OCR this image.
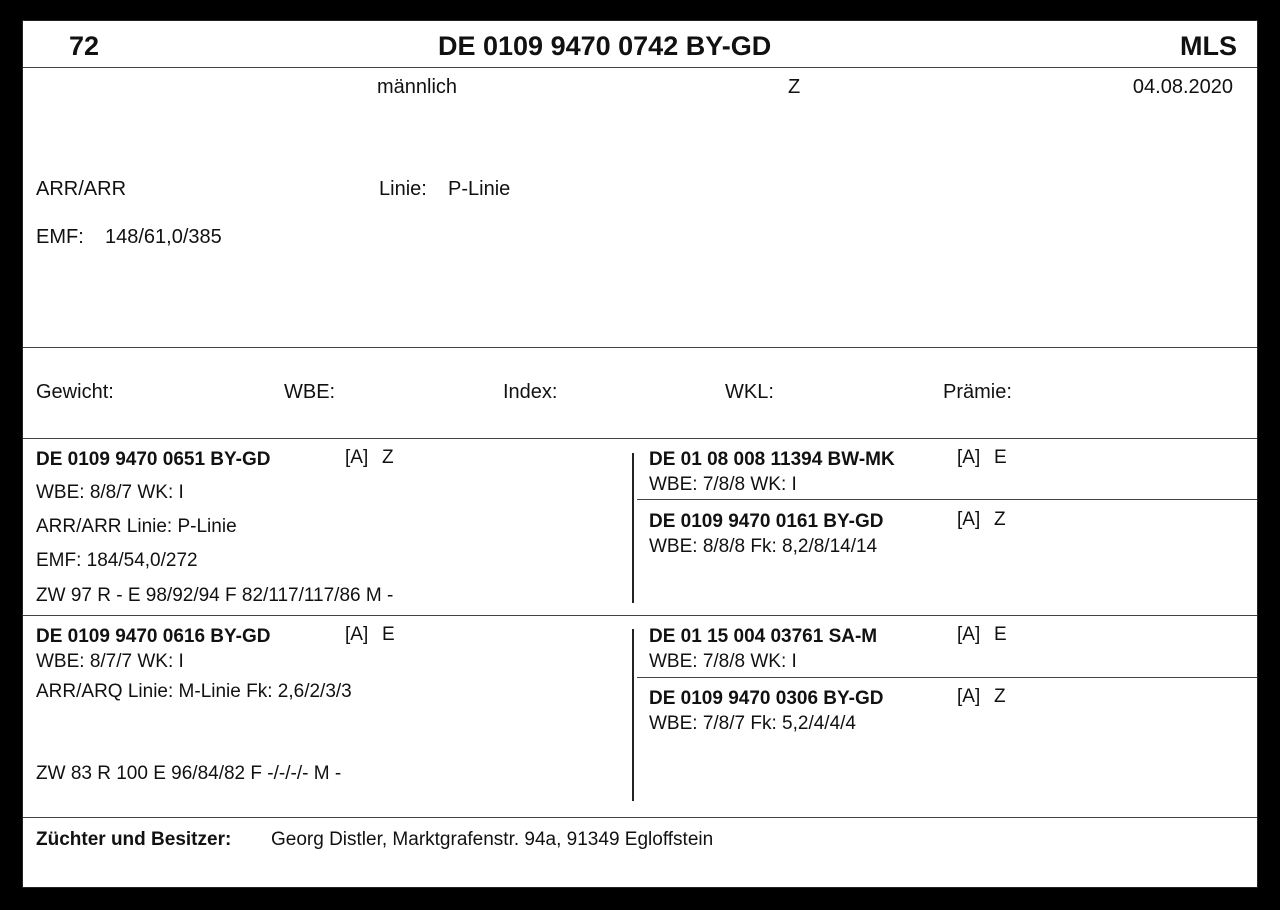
72	DE 0109 9470 0742 BY-GD	MLS
männlich	Z	04.08.2020
ARR/ARR	Linie: P-Linie
EMF: 148/61,0/385
Gewicht:	WBE:	Index:	WKL:	Prämie:
DE 0109 9470 0651 BY-GD	[A] Z
WBE: 8/8/7 WK: I
ARR/ARR Linie: P-Linie
EMF: 184/54,0/272
ZW 97 R - E 98/92/94 F 82/117/117/86 M -
DE 01 08 008 11394 BW-MK	[A] E
WBE: 7/8/8 WK: I
DE 0109 9470 0161 BY-GD	[A] Z
WBE: 8/8/8 Fk: 8,2/8/14/14
DE 0109 9470 0616 BY-GD	[A] E
WBE: 8/7/7 WK: I
ARR/ARQ Linie: M-Linie Fk: 2,6/2/3/3
ZW 83 R 100 E 96/84/82 F -/-/-/- M -
DE 01 15 004 03761 SA-M	[A] E
WBE: 7/8/8 WK: I
DE 0109 9470 0306 BY-GD	[A] Z
WBE: 7/8/7 Fk: 5,2/4/4/4
Züchter und Besitzer: Georg Distler, Marktgrafenstr. 94a, 91349 Egloffstein
